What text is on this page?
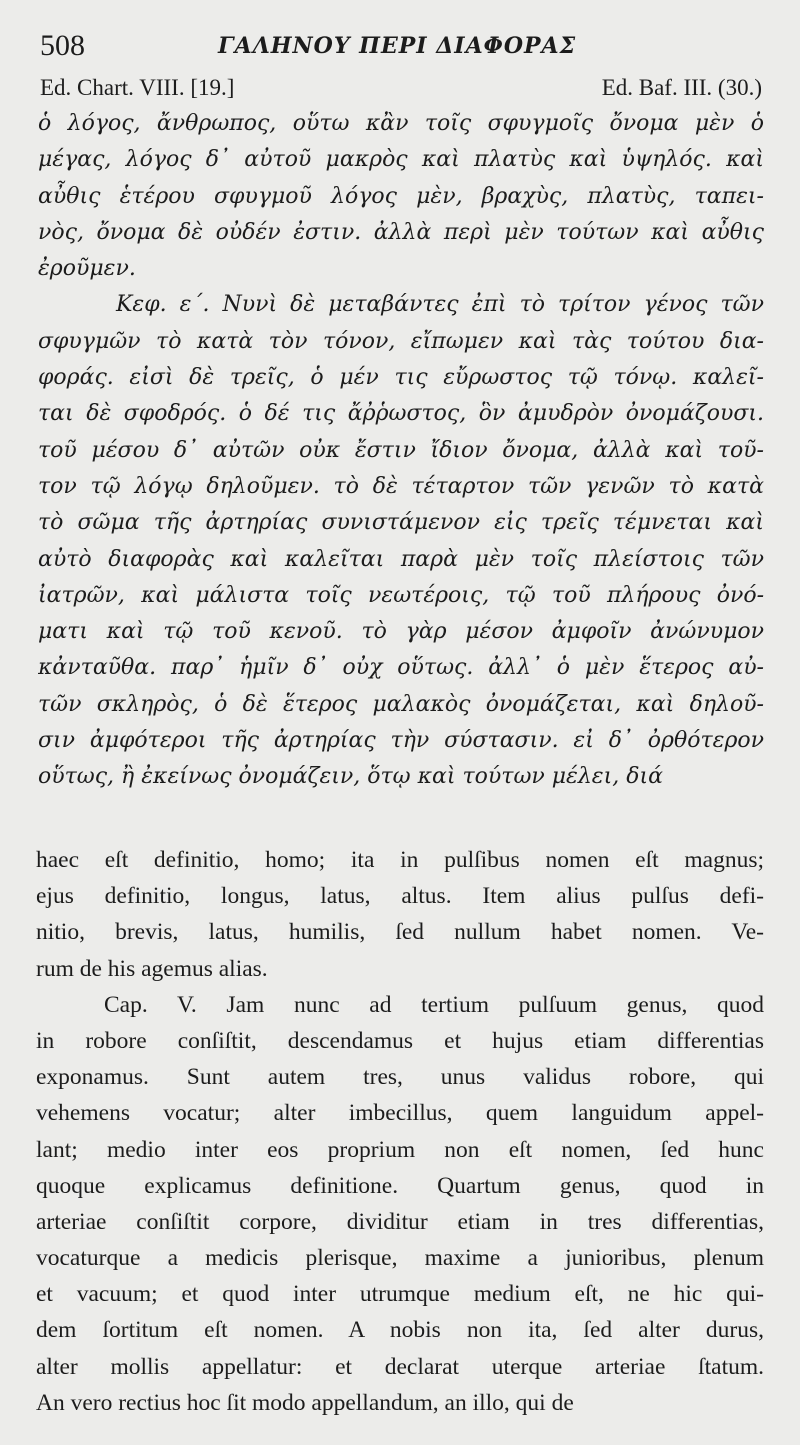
508	ΓΑΛΗΝΟΥ ΠΕΡΙ ΔΙΑΦΟΡΑΣ
Ed. Chart. VIII. [19.]	Ed. Baf. III. (30.)
ὁ λόγος, ἄνθρωπος, οὕτω κἂν τοῖς σφυγμοῖς ὄνομα μὲν ὁ
μέγας, λόγος δ᾽ αὐτοῦ μακρὸς καὶ πλατὺς καὶ ὑψηλός. καὶ
αὖθις ἑτέρου σφυγμοῦ λόγος μὲν, βραχὺς, πλατὺς, ταπει-
νὸς, ὄνομα δὲ οὐδέν ἐστιν. ἀλλὰ περὶ μὲν τούτων καὶ αὖθις
ἐροῦμεν.
Κεφ. ε΄. Νυνὶ δὲ μεταβάντες ἐπὶ τὸ τρίτον γένος τῶν
σφυγμῶν τὸ κατὰ τὸν τόνον, εἴπωμεν καὶ τὰς τούτου δια-
φοράς. εἰσὶ δὲ τρεῖς, ὁ μέν τις εὔρωστος τῷ τόνῳ. καλεῖ-
ται δὲ σφοδρός. ὁ δέ τις ἄῤῥωστος, ὃν ἀμυδρὸν ὀνομάζουσι.
τοῦ μέσου δ᾽ αὐτῶν οὐκ ἔστιν ἴδιον ὄνομα, ἀλλὰ καὶ τοῦ-
τον τῷ λόγῳ δηλοῦμεν. τὸ δὲ τέταρτον τῶν γενῶν τὸ κατὰ
τὸ σῶμα τῆς ἀρτηρίας συνιστάμενον εἰς τρεῖς τέμνεται καὶ
αὐτὸ διαφορὰς καὶ καλεῖται παρὰ μὲν τοῖς πλείστοις τῶν
ἰατρῶν, καὶ μάλιστα τοῖς νεωτέροις, τῷ τοῦ πλήρους ὀνό-
ματι καὶ τῷ τοῦ κενοῦ. τὸ γὰρ μέσον ἀμφοῖν ἀνώνυμον
κἀνταῦθα. παρ᾽ ἡμῖν δ᾽ οὐχ οὕτως. ἀλλ᾽ ὁ μὲν ἕτερος αὐ-
τῶν σκληρὸς, ὁ δὲ ἕτερος μαλακὸς ὀνομάζεται, καὶ δηλοῦ-
σιν ἀμφότεροι τῆς ἀρτηρίας τὴν σύστασιν. εἰ δ᾽ ὀρθότερον
οὕτως, ἢ ἐκείνως ὀνομάζειν, ὅτῳ καὶ τούτων μέλει, διά
haec eſt definitio, homo; ita in pulſibus nomen eſt magnus;
ejus definitio, longus, latus, altus. Item alius pulſus defi-
nitio, brevis, latus, humilis, ſed nullum habet nomen. Ve-
rum de his agemus alias.
Cap. V. Jam nunc ad tertium pulſuum genus, quod
in robore conſiſtit, descendamus et hujus etiam differentias
exponamus. Sunt autem tres, unus validus robore, qui
vehemens vocatur; alter imbecillus, quem languidum appel-
lant; medio inter eos proprium non eſt nomen, ſed hunc
quoque explicamus definitione. Quartum genus, quod in
arteriae conſiſtit corpore, dividitur etiam in tres differentias,
vocaturque a medicis plerisque, maxime a junioribus, plenum
et vacuum; et quod inter utrumque medium eſt, ne hic qui-
dem ſortitum eſt nomen. A nobis non ita, ſed alter durus,
alter mollis appellatur: et declarat uterque arteriae ſtatum.
An vero rectius hoc ſit modo appellandum, an illo, qui de
